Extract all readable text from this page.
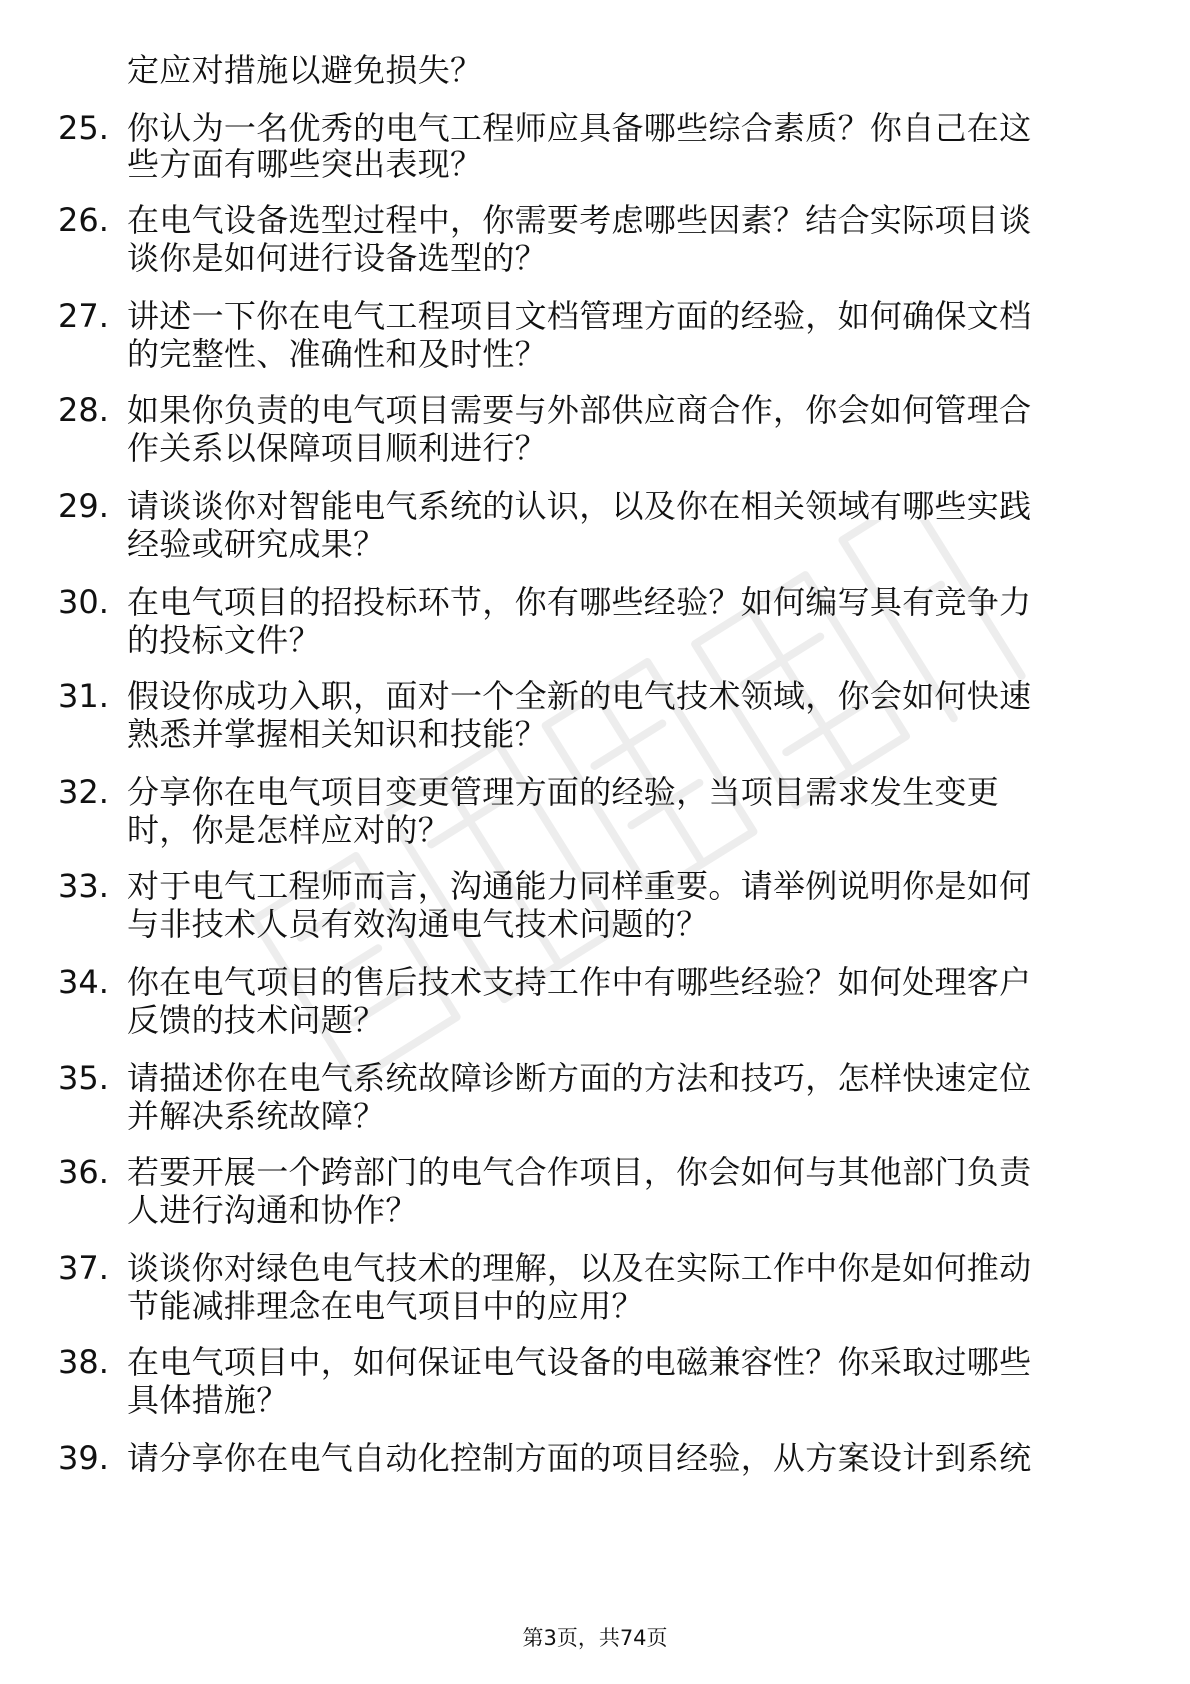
定应对措施以避免损失？
25. 你认为一名优秀的电气工程师应具备哪些综合素质？你自己在这
些方面有哪些突出表现？
26. 在电气设备选型过程中，你需要考虑哪些因素？结合实际项目谈
谈你是如何进行设备选型的？
27. 讲述一下你在电气工程项目文档管理方面的经验，如何确保文档
的完整性、准确性和及时性？
28. 如果你负责的电气项目需要与外部供应商合作，你会如何管理合
作关系以保障项目顺利进行？
29. 请谈谈你对智能电气系统的认识，以及你在相关领域有哪些实践
经验或研究成果？
30. 在电气项目的招投标环节，你有哪些经验？如何编写具有竞争力
的投标文件？
31. 假设你成功入职，面对一个全新的电气技术领域，你会如何快速
熟悉并掌握相关知识和技能？
32. 分享你在电气项目变更管理方面的经验，当项目需求发生变更
时，你是怎样应对的？
33. 对于电气工程师而言，沟通能力同样重要。请举例说明你是如何
与非技术人员有效沟通电气技术问题的？
34. 你在电气项目的售后技术支持工作中有哪些经验？如何处理客户
反馈的技术问题？
35. 请描述你在电气系统故障诊断方面的方法和技巧，怎样快速定位
并解决系统故障？
36. 若要开展一个跨部门的电气合作项目，你会如何与其他部门负责
人进行沟通和协作？
37. 谈谈你对绿色电气技术的理解，以及在实际工作中你是如何推动
节能减排理念在电气项目中的应用？
38. 在电气项目中，如何保证电气设备的电磁兼容性？你采取过哪些
具体措施？
39. 请分享你在电气自动化控制方面的项目经验，从方案设计到系统
第3页，共74页
